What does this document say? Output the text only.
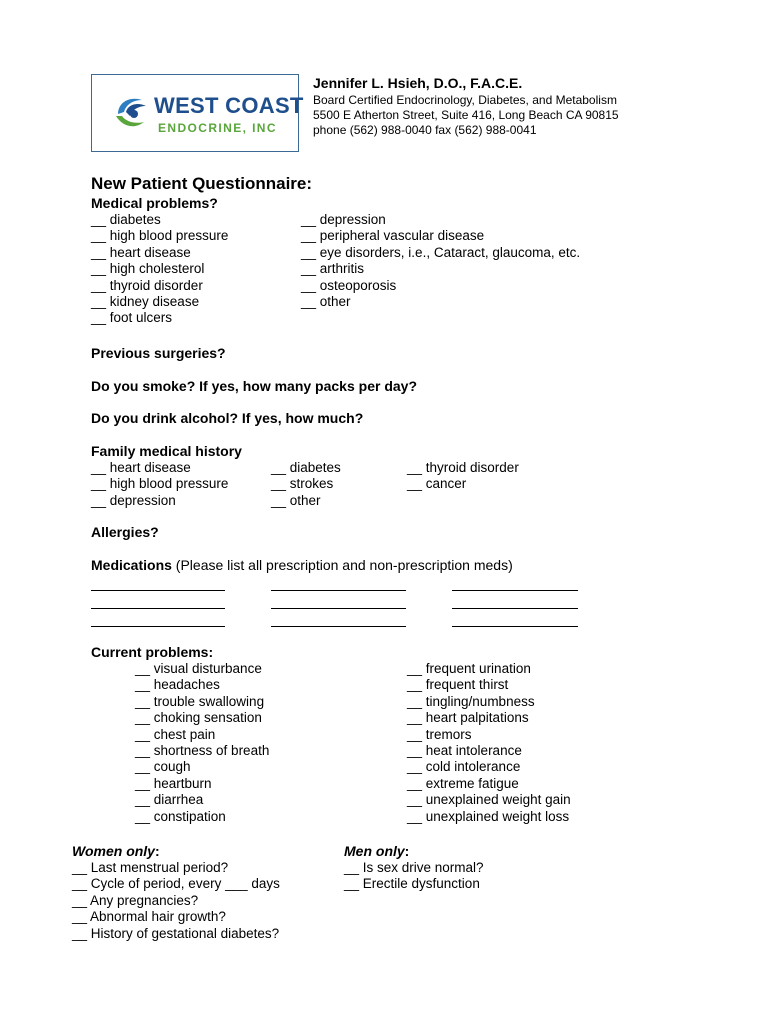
WEST COAST
ENDOCRINE, INC
Jennifer L. Hsieh, D.O., F.A.C.E.
Board Certified Endocrinology, Diabetes, and Metabolism
5500 E Atherton Street, Suite 416, Long Beach CA 90815
phone (562) 988-0040 fax (562) 988-0041
New Patient Questionnaire:
Medical problems?
__ diabetes
__ high blood pressure
__ heart disease
__ high cholesterol
__ thyroid disorder
__ kidney disease
__ foot ulcers
__ depression
__ peripheral vascular disease
__ eye disorders, i.e., Cataract, glaucoma, etc.
__ arthritis
__ osteoporosis
__ other
Previous surgeries?
Do you smoke? If yes, how many packs per day?
Do you drink alcohol? If yes, how much?
Family medical history
__ heart disease
__ high blood pressure
__ depression
__ diabetes
__ strokes
__ other
__ thyroid disorder
__ cancer
Allergies?
Medications (Please list all prescription and non-prescription meds)
Current problems:
__ visual disturbance
__ headaches
__ trouble swallowing
__ choking sensation
__ chest pain
__ shortness of breath
__ cough
__ heartburn
__ diarrhea
__ constipation
__ frequent urination
__ frequent thirst
__ tingling/numbness
__ heart palpitations
__ tremors
__ heat intolerance
__ cold intolerance
__ extreme fatigue
__ unexplained weight gain
__ unexplained weight loss
Women only:
__ Last menstrual period?
__ Cycle of period, every ___ days
__ Any pregnancies?
__ Abnormal hair growth?
__ History of gestational diabetes?
Men only:
__ Is sex drive normal?
__ Erectile dysfunction
